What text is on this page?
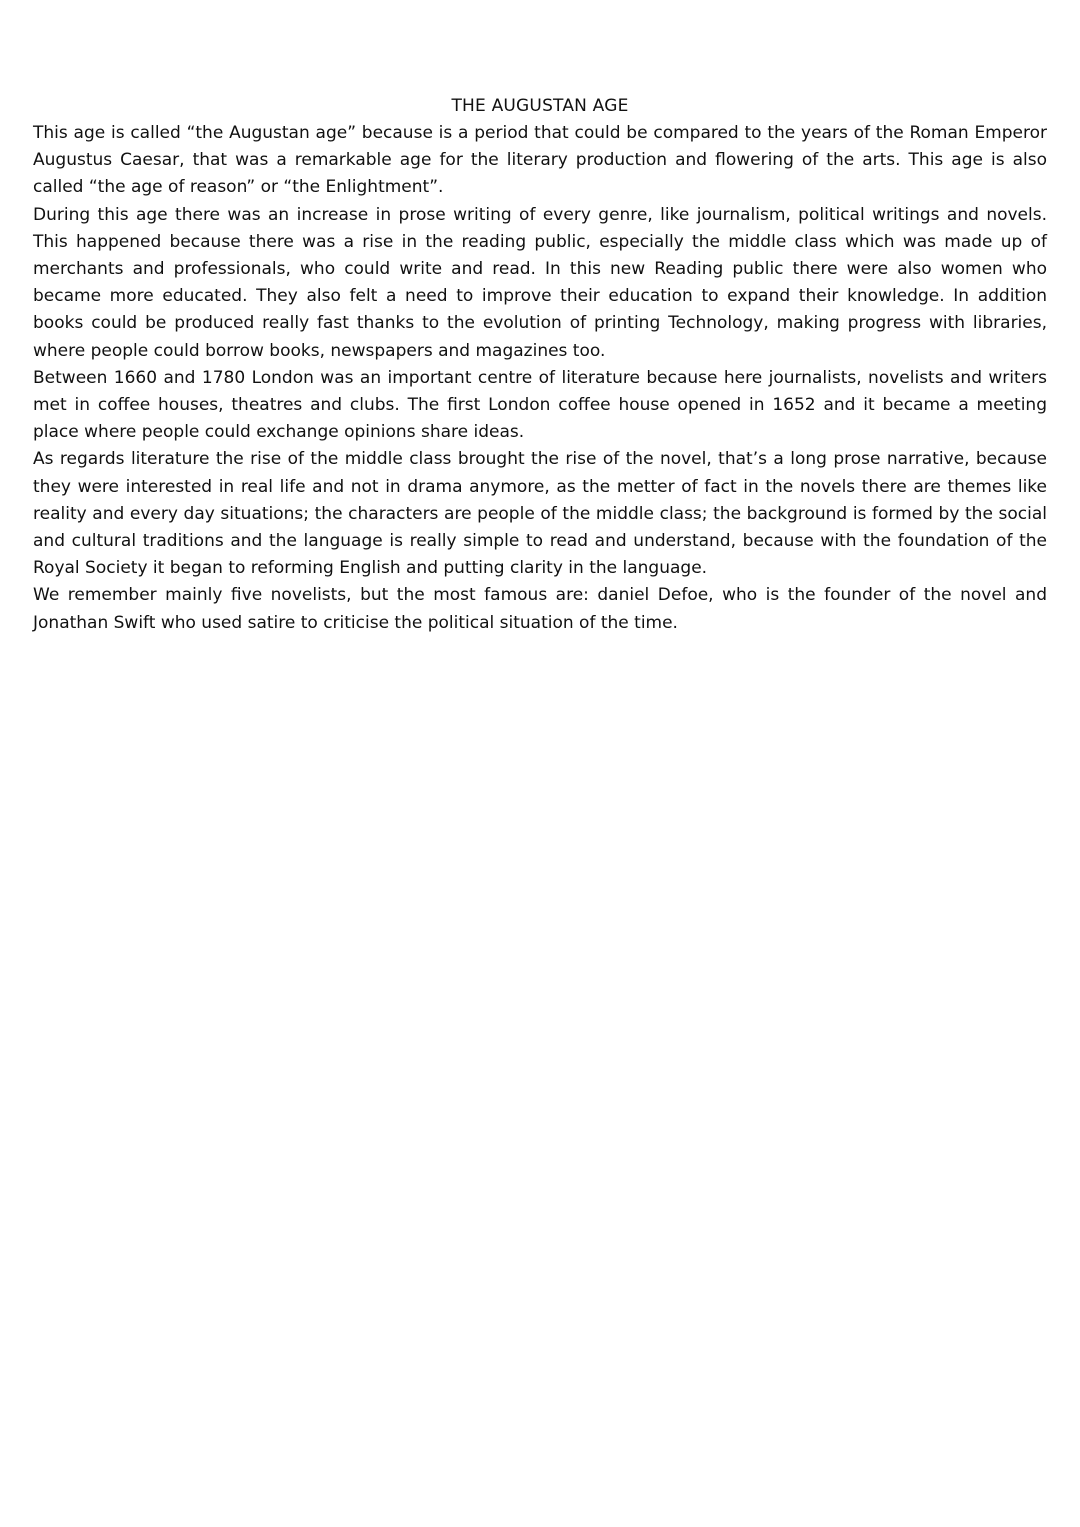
THE AUGUSTAN AGE

This age is called “the Augustan age” because is a period that could be compared to the years of the Roman Emperor Augustus Caesar, that was a remarkable age for the literary production and flowering of the arts. This age is also called “the age of reason” or “the Enlightment”.

During this age there was an increase in prose writing of every genre, like journalism, political writings and novels. This happened because there was a rise in the reading public, especially the middle class which was made up of merchants and professionals, who could write and read. In this new Reading public there were also women who became more educated. They also felt a need to improve their education to expand their knowledge. In addition books could be produced really fast thanks to the evolution of printing Technology, making progress with libraries, where people could borrow books, newspapers and magazines too.

Between 1660 and 1780 London was an important centre of literature because here journalists, novelists and writers met in coffee houses, theatres and clubs. The first London coffee house opened in 1652 and it became a meeting place where people could exchange opinions share ideas.

As regards literature the rise of the middle class brought the rise of the novel, that’s a long prose narrative, because they were interested in real life and not in drama anymore, as the metter of fact in the novels there are themes like reality and every day situations; the characters are people of the middle class; the background is formed by the social and cultural traditions and the language is really simple to read and understand, because with the foundation of the Royal Society it began to reforming English and putting clarity in the language.

We remember mainly five novelists, but the most famous are: daniel Defoe, who is the founder of the novel and Jonathan Swift who used satire to criticise the political situation of the time.
